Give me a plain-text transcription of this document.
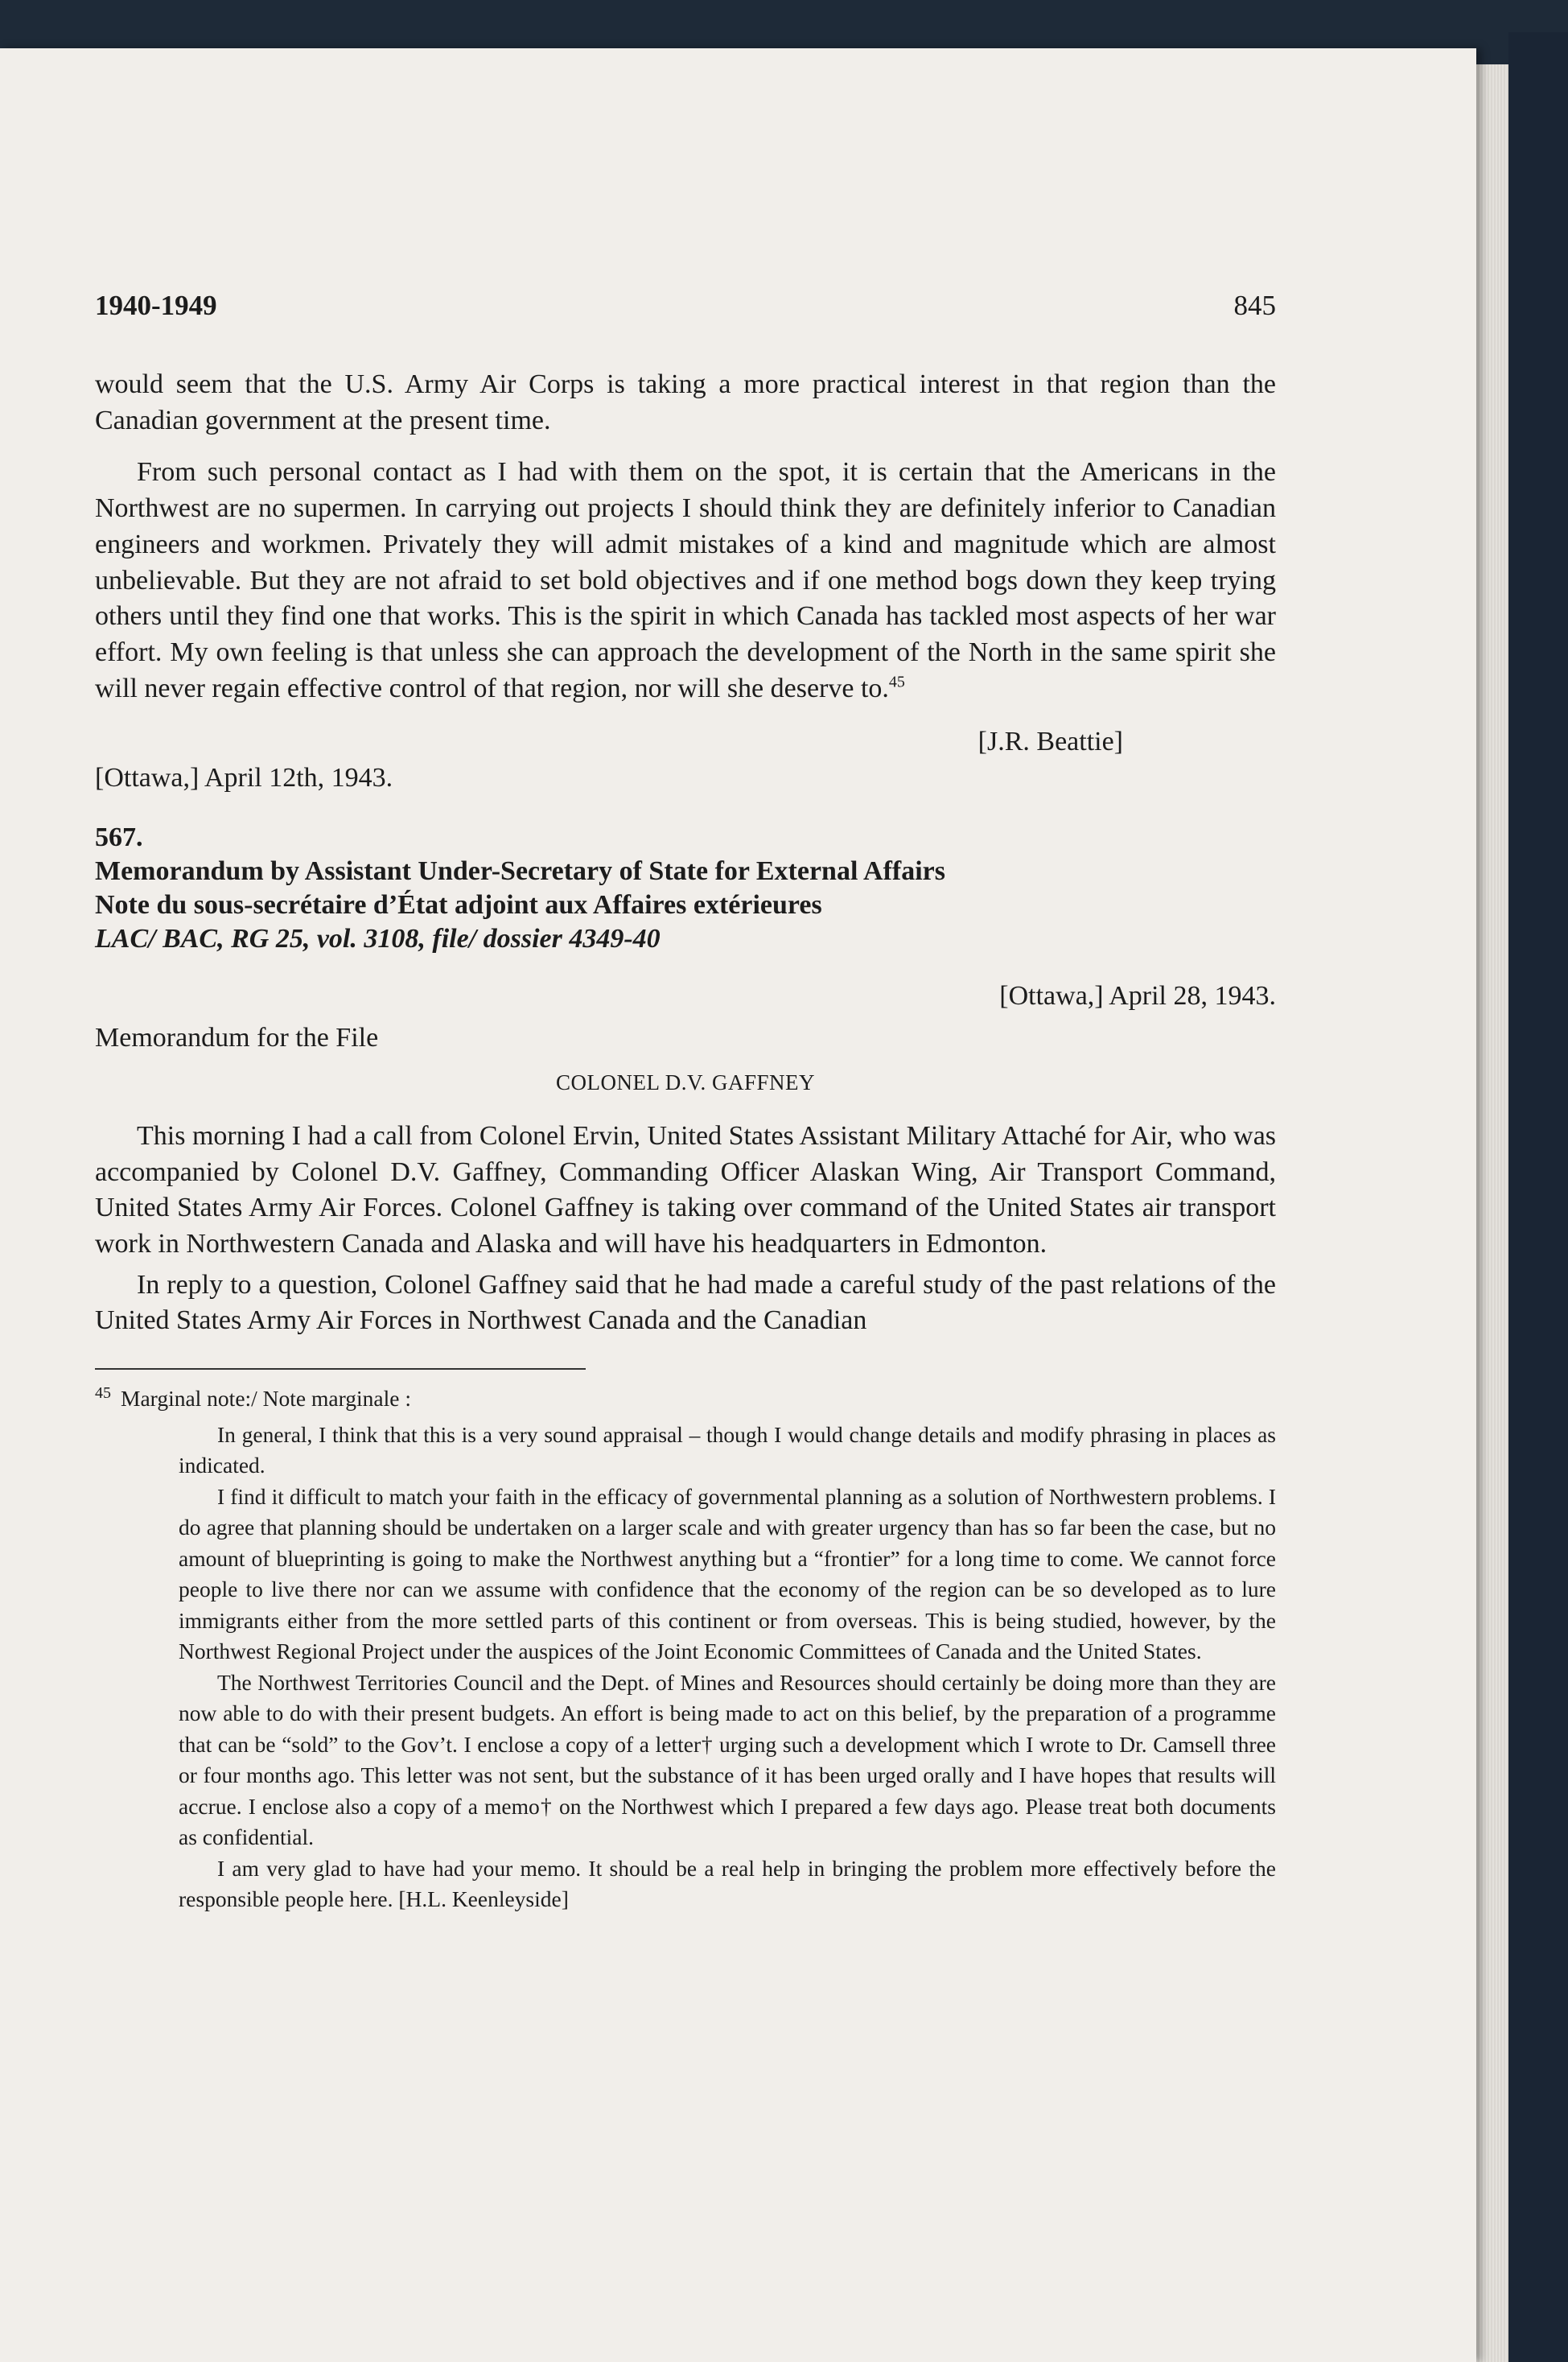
1940-1949	845

would seem that the U.S. Army Air Corps is taking a more practical interest in that region than the Canadian government at the present time.

From such personal contact as I had with them on the spot, it is certain that the Americans in the Northwest are no supermen. In carrying out projects I should think they are definitely inferior to Canadian engineers and workmen. Privately they will admit mistakes of a kind and magnitude which are almost unbelievable. But they are not afraid to set bold objectives and if one method bogs down they keep trying others until they find one that works. This is the spirit in which Canada has tackled most aspects of her war effort. My own feeling is that unless she can approach the development of the North in the same spirit she will never regain effective control of that region, nor will she deserve to.$^{45}$

[J.R. Beattie]

[Ottawa,] April 12th, 1943.

567.

Memorandum by Assistant Under-Secretary of State for External Affairs

Note du sous-secrétaire d’État adjoint aux Affaires extérieures

LAC/ BAC, RG 25, vol. 3108, file/ dossier 4349-40

[Ottawa,] April 28, 1943.

Memorandum for the File

COLONEL D.V. GAFFNEY

This morning I had a call from Colonel Ervin, United States Assistant Military Attaché for Air, who was accompanied by Colonel D.V. Gaffney, Commanding Officer Alaskan Wing, Air Transport Command, United States Army Air Forces. Colonel Gaffney is taking over command of the United States air transport work in Northwestern Canada and Alaska and will have his headquarters in Edmonton.

In reply to a question, Colonel Gaffney said that he had made a careful study of the past relations of the United States Army Air Forces in Northwest Canada and the Canadian

$^{45}$ Marginal note:/ Note marginale :

In general, I think that this is a very sound appraisal – though I would change details and modify phrasing in places as indicated.

I find it difficult to match your faith in the efficacy of governmental planning as a solution of Northwestern problems. I do agree that planning should be undertaken on a larger scale and with greater urgency than has so far been the case, but no amount of blueprinting is going to make the Northwest anything but a “frontier” for a long time to come. We cannot force people to live there nor can we assume with confidence that the economy of the region can be so developed as to lure immigrants either from the more settled parts of this continent or from overseas. This is being studied, however, by the Northwest Regional Project under the auspices of the Joint Economic Committees of Canada and the United States.

The Northwest Territories Council and the Dept. of Mines and Resources should certainly be doing more than they are now able to do with their present budgets. An effort is being made to act on this belief, by the preparation of a programme that can be “sold” to the Gov’t. I enclose a copy of a letter† urging such a development which I wrote to Dr. Camsell three or four months ago. This letter was not sent, but the substance of it has been urged orally and I have hopes that results will accrue. I enclose also a copy of a memo† on the Northwest which I prepared a few days ago. Please treat both documents as confidential.

I am very glad to have had your memo. It should be a real help in bringing the problem more effectively before the responsible people here. [H.L. Keenleyside]
